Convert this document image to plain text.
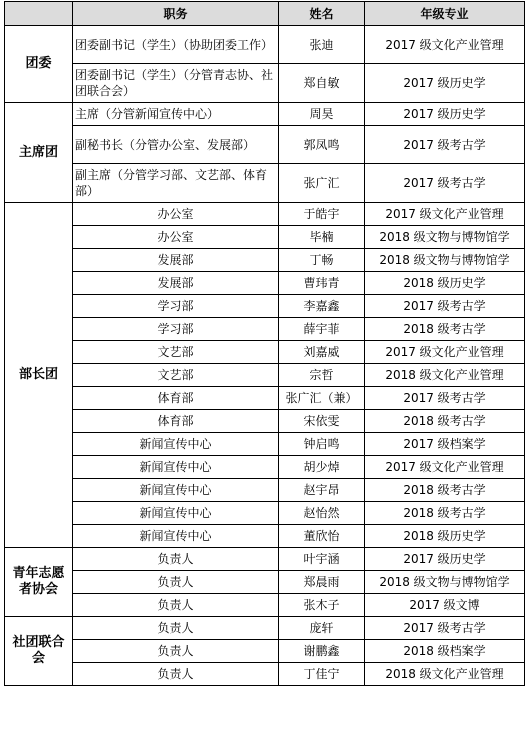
	职务	姓名	年级专业
团委	团委副书记（学生）（协助团委工作）	张迪	2017 级文化产业管理
	团委副书记（学生）（分管青志协、社团联合会）	郑自敏	2017 级历史学
主席团	主席（分管新闻宣传中心）	周昊	2017 级历史学
	副秘书长（分管办公室、发展部）	郭凤鸣	2017 级考古学
	副主席（分管学习部、文艺部、体育部）	张广汇	2017 级考古学
部长团	办公室	于皓宇	2017 级文化产业管理
	办公室	毕楠	2018 级文物与博物馆学
	发展部	丁畅	2018 级文物与博物馆学
	发展部	曹玮青	2018 级历史学
	学习部	李嘉鑫	2017 级考古学
	学习部	薛宇菲	2018 级考古学
	文艺部	刘嘉威	2017 级文化产业管理
	文艺部	宗哲	2018 级文化产业管理
	体育部	张广汇（兼）	2017 级考古学
	体育部	宋依雯	2018 级考古学
	新闻宣传中心	钟启鸣	2017 级档案学
	新闻宣传中心	胡少焯	2017 级文化产业管理
	新闻宣传中心	赵宇昂	2018 级考古学
	新闻宣传中心	赵怡然	2018 级考古学
	新闻宣传中心	董欣怡	2018 级历史学
青年志愿者协会	负责人	叶宇涵	2017 级历史学
	负责人	郑晨雨	2018 级文物与博物馆学
	负责人	张木子	2017 级文博
社团联合会	负责人	庞轩	2017 级考古学
	负责人	谢鹏鑫	2018 级档案学
	负责人	丁佳宁	2018 级文化产业管理
